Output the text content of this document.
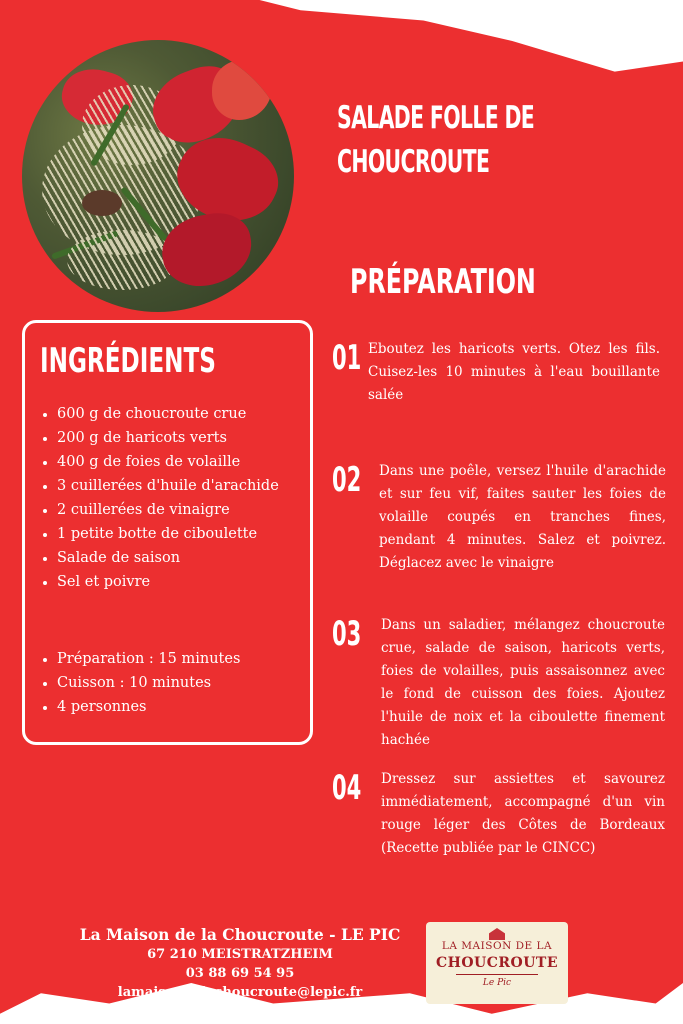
SALADE FOLLE DE
CHOUCROUTE
PRÉPARATION
INGRÉDIENTS
• 600 g de choucroute crue
• 200 g de haricots verts
• 400 g de foies de volaille
• 3 cuillerées d'huile d'arachide
• 2 cuillerées de vinaigre
• 1 petite botte de ciboulette
• Salade de saison
• Sel et poivre
• Préparation : 15 minutes
• Cuisson : 10 minutes
• 4 personnes
01 Eboutez les haricots verts. Otez les fils. Cuisez-les 10 minutes à l'eau bouillante salée
02 Dans une poêle, versez l'huile d'arachide et sur feu vif, faites sauter les foies de volaille coupés en tranches fines, pendant 4 minutes. Salez et poivrez. Déglacez avec le vinaigre
03 Dans un saladier, mélangez choucroute crue, salade de saison, haricots verts, foies de volailles, puis assaisonnez avec le fond de cuisson des foies. Ajoutez l'huile de noix et la ciboulette finement hachée
04 Dressez sur assiettes et savourez immédiatement, accompagné d'un vin rouge léger des Côtes de Bordeaux (Recette publiée par le CINCC)
La Maison de la Choucroute - LE PIC
67 210 MEISTRATZHEIM
03 88 69 54 95
lamaisondelachoucroute@lepic.fr
LA MAISON DE LA
CHOUCROUTE
Le Pic
